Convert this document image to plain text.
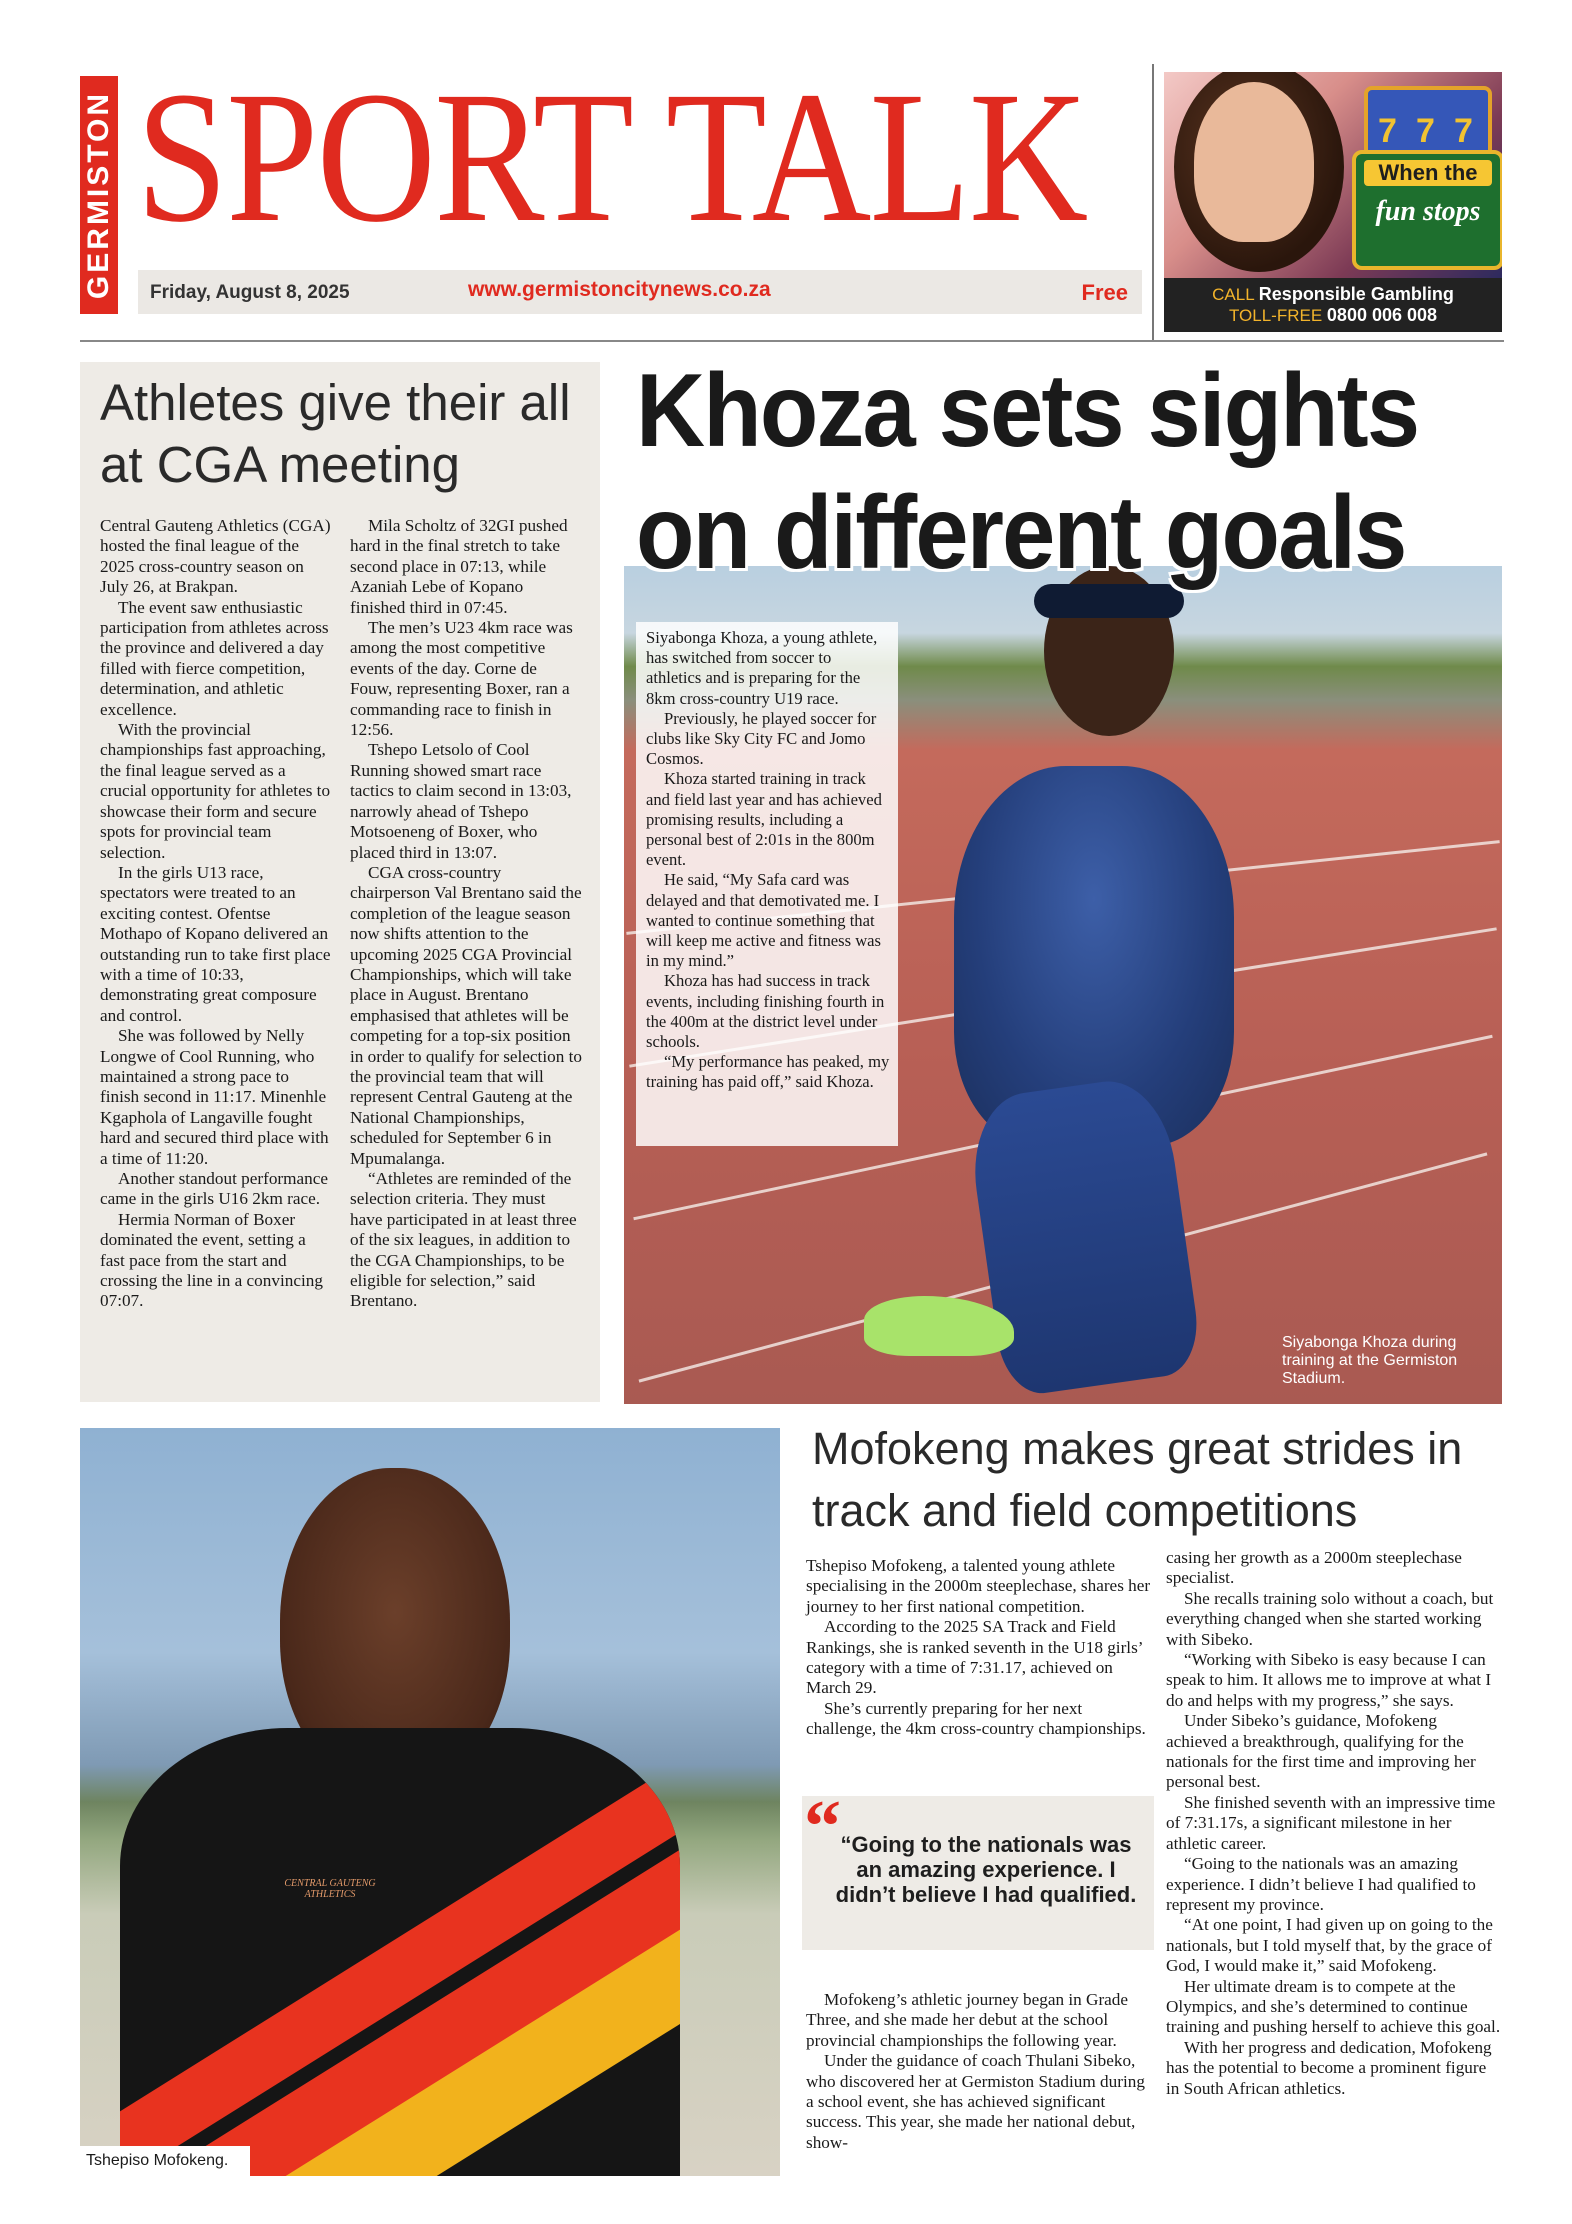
GERMISTON SPORT TALK
Friday, August 8, 2025	www.germistoncitynews.co.za	Free
7 7 7
When the
fun stops
CALL Responsible Gambling
TOLL-FREE 0800 006 008
Athletes give their all at CGA meeting

Central Gauteng Athletics (CGA) hosted the final league of the 2025 cross-country season on July 26, at Brakpan.

The event saw enthusiastic participation from athletes across the province and delivered a day filled with fierce competition, determination, and athletic excellence.

With the provincial championships fast approaching, the final league served as a crucial opportunity for athletes to showcase their form and secure spots for provincial team selection.

In the girls U13 race, spectators were treated to an exciting contest. Ofentse Mothapo of Kopano delivered an outstanding run to take first place with a time of 10:33, demonstrating great composure and control.

She was followed by Nelly Longwe of Cool Running, who maintained a strong pace to finish second in 11:17. Minenhle Kgaphola of Langaville fought hard and secured third place with a time of 11:20.

Another standout performance came in the girls U16 2km race.

Hermia Norman of Boxer dominated the event, setting a fast pace from the start and crossing the line in a convincing 07:07.

Mila Scholtz of 32GI pushed hard in the final stretch to take second place in 07:13, while Azaniah Lebe of Kopano finished third in 07:45.

The men’s U23 4km race was among the most competitive events of the day. Corne de Fouw, representing Boxer, ran a commanding race to finish in 12:56.

Tshepo Letsolo of Cool Running showed smart race tactics to claim second in 13:03, narrowly ahead of Tshepo Motsoeneng of Boxer, who placed third in 13:07.

CGA cross-country chairperson Val Brentano said the completion of the league season now shifts attention to the upcoming 2025 CGA Provincial Championships, which will take place in August. Brentano emphasised that athletes will be competing for a top-six position in order to qualify for selection to the provincial team that will represent Central Gauteng at the National Championships, scheduled for September 6 in Mpumalanga.

“Athletes are reminded of the selection criteria. They must have participated in at least three of the six leagues, in addition to the CGA Championships, to be eligible for selection,” said Brentano.

Khoza sets sights on different goals

Siyabonga Khoza, a young athlete, has switched from soccer to athletics and is preparing for the 8km cross-country U19 race.

Previously, he played soccer for clubs like Sky City FC and Jomo Cosmos.

Khoza started training in track and field last year and has achieved promising results, including a personal best of 2:01s in the 800m event.

He said, “My Safa card was delayed and that demotivated me. I wanted to continue something that will keep me active and fitness was in my mind.”

Khoza has had success in track events, including finishing fourth in the 400m at the district level under schools.

“My performance has peaked, my training has paid off,” said Khoza.

Siyabonga Khoza during training at the Germiston Stadium.
CENTRAL GAUTENG ATHLETICS
Tshepiso Mofokeng.
Mofokeng makes great strides in track and field competitions

Tshepiso Mofokeng, a talented young athlete specialising in the 2000m steeplechase, shares her journey to her first national competition.

According to the 2025 SA Track and Field Rankings, she is ranked seventh in the U18 girls’ category with a time of 7:31.17, achieved on March 29.

She’s currently preparing for her next challenge, the 4km cross-country championships.

“ “Going to the nationals was an amazing experience. I didn’t believe I had qualified.

Mofokeng’s athletic journey began in Grade Three, and she made her debut at the school provincial championships the following year.

Under the guidance of coach Thulani Sibeko, who discovered her at Germiston Stadium during a school event, she has achieved significant success. This year, she made her national debut, show-

casing her growth as a 2000m steeplechase specialist.

She recalls training solo without a coach, but everything changed when she started working with Sibeko.

“Working with Sibeko is easy because I can speak to him. It allows me to improve at what I do and helps with my progress,” she says.

Under Sibeko’s guidance, Mofokeng achieved a breakthrough, qualifying for the nationals for the first time and improving her personal best.

She finished seventh with an impressive time of 7:31.17s, a significant milestone in her athletic career.

“Going to the nationals was an amazing experience. I didn’t believe I had qualified to represent my province.

“At one point, I had given up on going to the nationals, but I told myself that, by the grace of God, I would make it,” said Mofokeng.

Her ultimate dream is to compete at the Olympics, and she’s determined to continue training and pushing herself to achieve this goal.

With her progress and dedication, Mofokeng has the potential to become a prominent figure in South African athletics.
